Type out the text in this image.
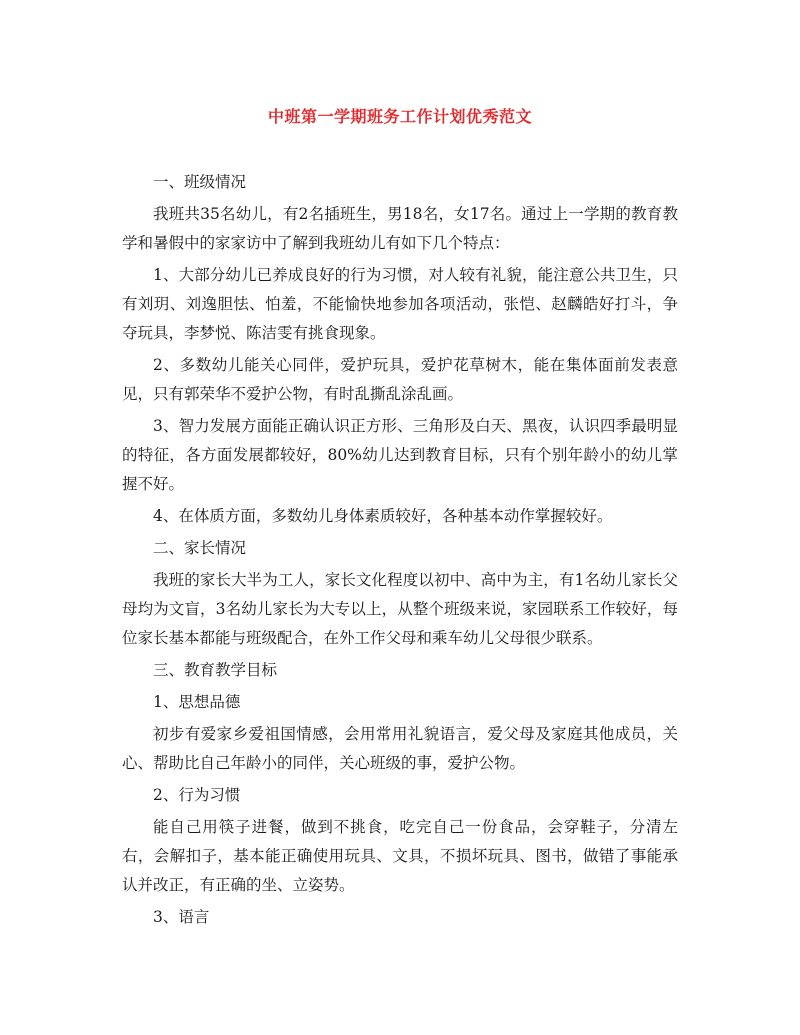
中班第一学期班务工作计划优秀范文

一、班级情况

我班共35名幼儿，有2名插班生，男18名，女17名。通过上一学期的教育教学和暑假中的家家访中了解到我班幼儿有如下几个特点：

1、大部分幼儿已养成良好的行为习惯，对人较有礼貌，能注意公共卫生，只有刘玥、刘逸胆怯、怕羞，不能愉快地参加各项活动，张恺、赵麟皓好打斗，争夺玩具，李梦悦、陈洁雯有挑食现象。

2、多数幼儿能关心同伴，爱护玩具，爱护花草树木，能在集体面前发表意见，只有郭荣华不爱护公物，有时乱撕乱涂乱画。

3、智力发展方面能正确认识正方形、三角形及白天、黑夜，认识四季最明显的特征，各方面发展都较好，80%幼儿达到教育目标，只有个别年龄小的幼儿掌握不好。

4、在体质方面，多数幼儿身体素质较好，各种基本动作掌握较好。

二、家长情况

我班的家长大半为工人，家长文化程度以初中、高中为主，有1名幼儿家长父母均为文盲，3名幼儿家长为大专以上，从整个班级来说，家园联系工作较好，每位家长基本都能与班级配合，在外工作父母和乘车幼儿父母很少联系。

三、教育教学目标

1、思想品德

初步有爱家乡爱祖国情感，会用常用礼貌语言，爱父母及家庭其他成员，关心、帮助比自己年龄小的同伴，关心班级的事，爱护公物。

2、行为习惯

能自己用筷子进餐，做到不挑食，吃完自己一份食品，会穿鞋子，分清左右，会解扣子，基本能正确使用玩具、文具，不损坏玩具、图书，做错了事能承认并改正，有正确的坐、立姿势。

3、语言
